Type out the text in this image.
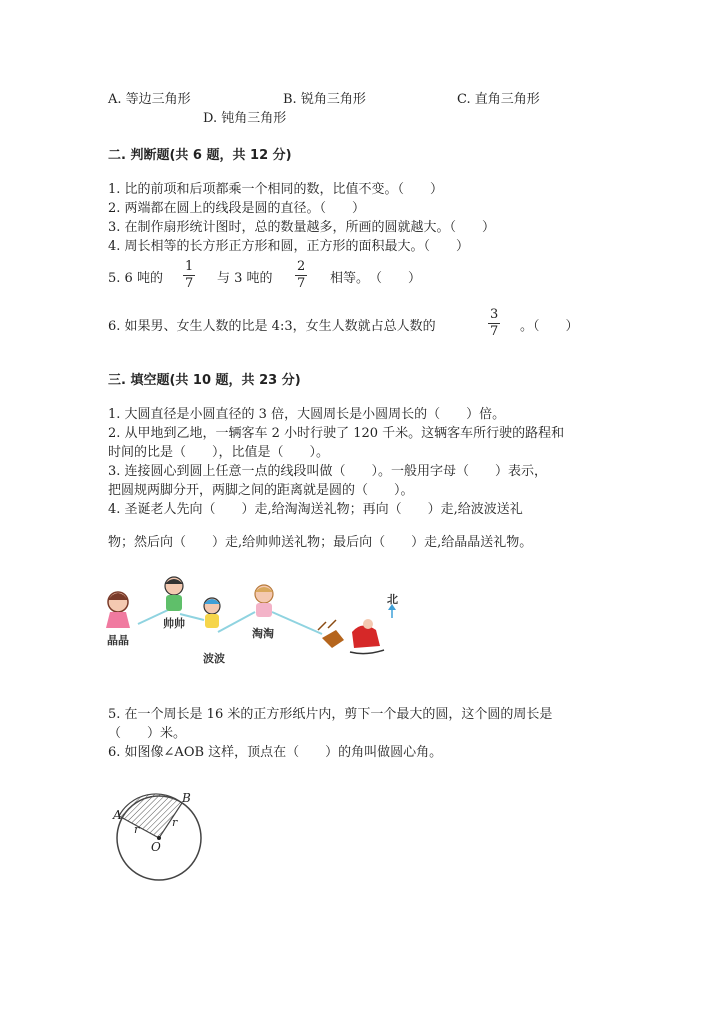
A. 等边三角形	B. 锐角三角形	C. 直角三角形
D. 钝角三角形
二. 判断题(共 6 题，共 12 分)
1. 比的前项和后项都乘一个相同的数，比值不变。（　　）
2. 两端都在圆上的线段是圆的直径。（　　）
3. 在制作扇形统计图时，总的数量越多，所画的圆就越大。（　　）
4. 周长相等的长方形正方形和圆，正方形的面积最大。（　　）
5. 6 吨的 $\frac{1}{7}$ 与 3 吨的 $\frac{2}{7}$ 相等。　（　　）
6. 如果男、女生人数的比是 4:3，女生人数就占总人数的	$\frac{3}{7}$ 。（　　）
三. 填空题(共 10 题，共 23 分)
1. 大圆直径是小圆直径的 3 倍，大圆周长是小圆周长的（　　）倍。
2. 从甲地到乙地，一辆客车 2 小时行驶了 120 千米。这辆客车所行驶的路程和
时间的比是（　　），比值是（　　）。
3. 连接圆心到圆上任意一点的线段叫做（　　）。一般用字母（　　）表示，
把圆规两脚分开，两脚之间的距离就是圆的（　　）。
4. 圣诞老人先向（　　）走,给淘淘送礼物；再向（　　）走,给波波送礼
物；然后向（　　）走,给帅帅送礼物；最后向（　　）走,给晶晶送礼物。
晶晶
帅帅
波波
淘淘
北
5. 在一个周长是 16 米的正方形纸片内，剪下一个最大的圆，这个圆的周长是
（　　）米。
6. 如图像∠AOB 这样，顶点在（　　）的角叫做圆心角。
A
B
O
r
r
